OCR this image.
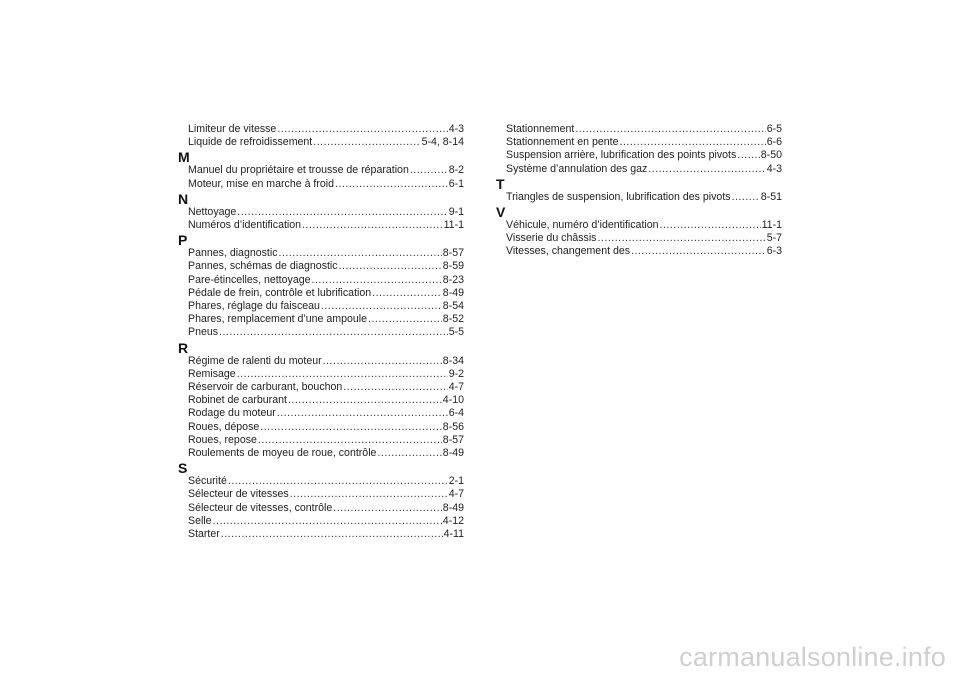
Limiteur de vitesse .....	4-3
Liquide de refroidissement .....	5-4, 8-14
M
Manuel du propriétaire et trousse de réparation .....	8-2
Moteur, mise en marche à froid .....	6-1
N
Nettoyage .....	9-1
Numéros d’identification .....	11-1
P
Pannes, diagnostic .....	8-57
Pannes, schémas de diagnostic .....	8-59
Pare-étincelles, nettoyage .....	8-23
Pédale de frein, contrôle et lubrification .....	8-49
Phares, réglage du faisceau .....	8-54
Phares, remplacement d’une ampoule .....	8-52
Pneus .....	5-5
R
Régime de ralenti du moteur .....	8-34
Remisage .....	9-2
Réservoir de carburant, bouchon .....	4-7
Robinet de carburant .....	4-10
Rodage du moteur .....	6-4
Roues, dépose .....	8-56
Roues, repose .....	8-57
Roulements de moyeu de roue, contrôle .....	8-49
S
Sécurité .....	2-1
Sélecteur de vitesses .....	4-7
Sélecteur de vitesses, contrôle .....	8-49
Selle .....	4-12
Starter .....	4-11
Stationnement .....	6-5
Stationnement en pente .....	6-6
Suspension arrière, lubrification des points pivots ..... 8-50
Système d’annulation des gaz .....	4-3
T
Triangles de suspension, lubrification des pivots .....	8-51
V
Véhicule, numéro d’identification .....	11-1
Visserie du châssis .....	5-7
Vitesses, changement des .....	6-3
carmanualsonline.info
